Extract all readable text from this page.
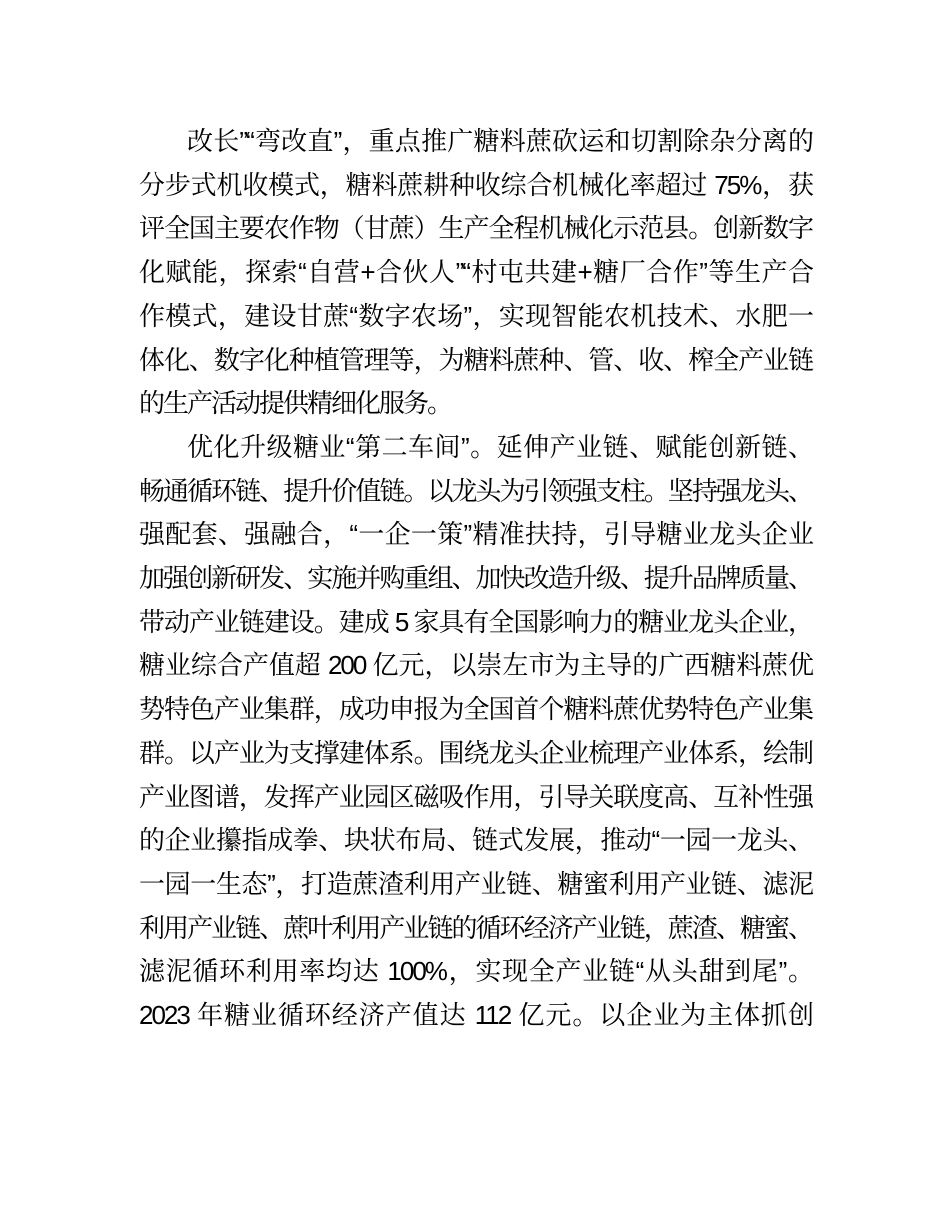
改长”“弯改直”，重点推广糖料蔗砍运和切割除杂分离的
分步式机收模式，糖料蔗耕种收综合机械化率超过 75%，获
评全国主要农作物（甘蔗）生产全程机械化示范县。创新数字
化赋能，探索“自营+合伙人”“村屯共建+糖厂合作”等生产合
作模式，建设甘蔗“数字农场”，实现智能农机技术、水肥一
体化、数字化种植管理等，为糖料蔗种、管、收、榨全产业链
的生产活动提供精细化服务。
优化升级糖业“第二车间”。延伸产业链、赋能创新链、
畅通循环链、提升价值链。以龙头为引领强支柱。坚持强龙头、
强配套、强融合，“一企一策”精准扶持，引导糖业龙头企业
加强创新研发、实施并购重组、加快改造升级、提升品牌质量、
带动产业链建设。建成 5 家具有全国影响力的糖业龙头企业，
糖业综合产值超 200 亿元，以崇左市为主导的广西糖料蔗优
势特色产业集群，成功申报为全国首个糖料蔗优势特色产业集
群。以产业为支撑建体系。围绕龙头企业梳理产业体系，绘制
产业图谱，发挥产业园区磁吸作用，引导关联度高、互补性强
的企业攥指成拳、块状布局、链式发展，推动“一园一龙头、
一园一生态”，打造蔗渣利用产业链、糖蜜利用产业链、滤泥
利用产业链、蔗叶利用产业链的循环经济产业链，蔗渣、糖蜜、
滤泥循环利用率均达 100%，实现全产业链“从头甜到尾”。
2023 年糖业循环经济产值达 112 亿元。以企业为主体抓创
